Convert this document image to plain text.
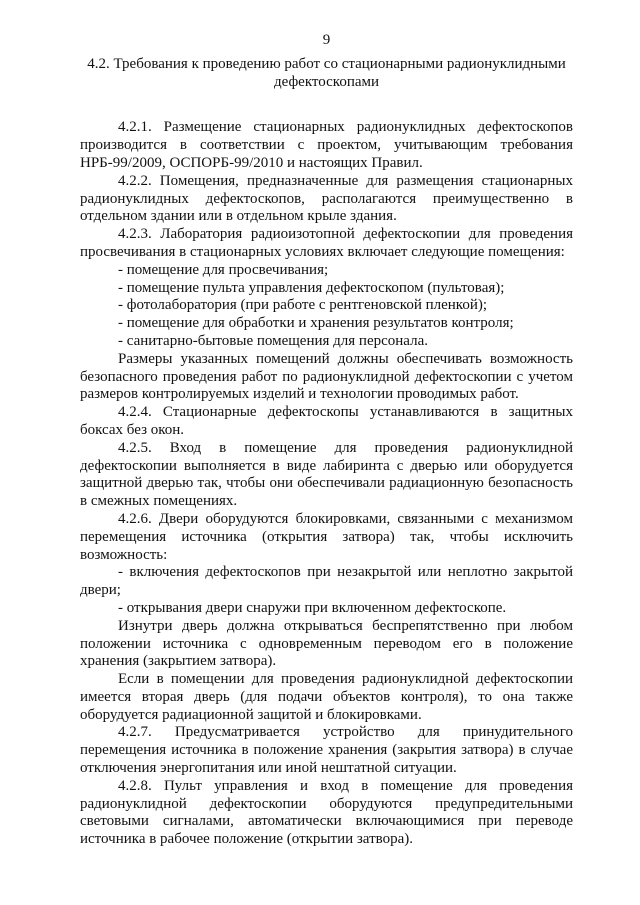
9
4.2. Требования к проведению работ со стационарными радионуклидными дефектоскопами

4.2.1. Размещение стационарных радионуклидных дефектоскопов производится в соответствии с проектом, учитывающим требования НРБ-99/2009, ОСПОРБ-99/2010 и настоящих Правил.

4.2.2. Помещения, предназначенные для размещения стационарных радионуклидных дефектоскопов, располагаются преимущественно в отдельном здании или в отдельном крыле здания.

4.2.3. Лаборатория радиоизотопной дефектоскопии для проведения просвечивания в стационарных условиях включает следующие помещения:

- помещение для просвечивания;

- помещение пульта управления дефектоскопом (пультовая);

- фотолаборатория (при работе с рентгеновской пленкой);

- помещение для обработки и хранения результатов контроля;

- санитарно-бытовые помещения для персонала.

Размеры указанных помещений должны обеспечивать возможность безопасного проведения работ по радионуклидной дефектоскопии с учетом размеров контролируемых изделий и технологии проводимых работ.

4.2.4. Стационарные дефектоскопы устанавливаются в защитных боксах без окон.

4.2.5. Вход в помещение для проведения радионуклидной дефектоскопии выполняется в виде лабиринта с дверью или оборудуется защитной дверью так, чтобы они обеспечивали радиационную безопасность в смежных помещениях.

4.2.6. Двери оборудуются блокировками, связанными с механизмом перемещения источника (открытия затвора) так, чтобы исключить возможность:

- включения дефектоскопов при незакрытой или неплотно закрытой двери;

- открывания двери снаружи при включенном дефектоскопе.

Изнутри дверь должна открываться беспрепятственно при любом положении источника с одновременным переводом его в положение хранения (закрытием затвора).

Если в помещении для проведения радионуклидной дефектоскопии имеется вторая дверь (для подачи объектов контроля), то она также оборудуется радиационной защитой и блокировками.

4.2.7. Предусматривается устройство для принудительного перемещения источника в положение хранения (закрытия затвора) в случае отключения энергопитания или иной нештатной ситуации.

4.2.8. Пульт управления и вход в помещение для проведения радионуклидной дефектоскопии оборудуются предупредительными световыми сигналами, автоматически включающимися при переводе источника в рабочее положение (открытии затвора).
